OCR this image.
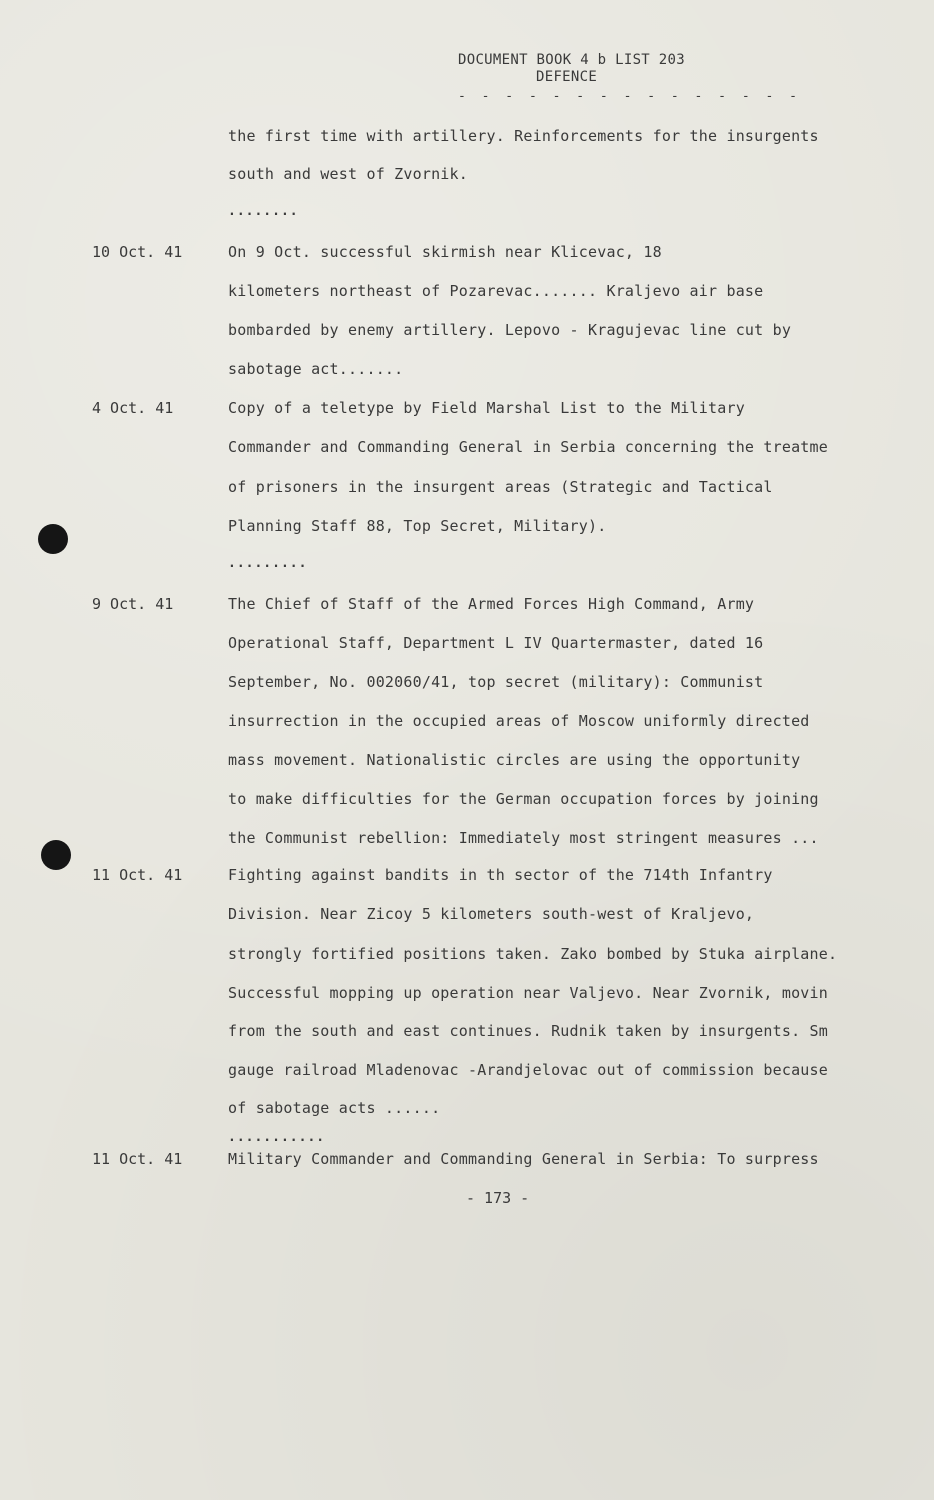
DOCUMENT BOOK 4 b LIST 203
DEFENCE
- - - - - - - - - - - - - - -
the first time with artillery. Reinforcements for the insurgents
south and west of Zvornik.
........
10 Oct. 41	On 9 Oct. successful skirmish near Klicevac, 18
kilometers northeast of Pozarevac....... Kraljevo air base
bombarded by enemy artillery. Lepovo - Kragujevac line cut by
sabotage act.......
4 Oct. 41	Copy of a teletype by Field Marshal List to the Military
Commander and Commanding General in Serbia concerning the treatme
of prisoners in the insurgent areas (Strategic and Tactical
Planning Staff 88, Top Secret, Military).
.........
9 Oct. 41	The Chief of Staff of the Armed Forces High Command, Army
Operational Staff, Department L IV Quartermaster, dated 16
September, No. 002060/41, top secret (military): Communist
insurrection in the occupied areas of Moscow uniformly directed
mass movement. Nationalistic circles are using the opportunity
to make difficulties for the German occupation forces by joining
the Communist rebellion: Immediately most stringent measures ...
11 Oct. 41	Fighting against bandits in th sector of the 714th Infantry
Division. Near Zicoy 5 kilometers south-west of Kraljevo,
strongly fortified positions taken. Zako bombed by Stuka airplane.
Successful mopping up operation near Valjevo. Near Zvornik, movin
from the south and east continues. Rudnik taken by insurgents. Sm
gauge railroad Mladenovac -Arandjelovac out of commission because
of sabotage acts ......
...........
11 Oct. 41	Military Commander and Commanding General in Serbia: To surpress
- 173 -
